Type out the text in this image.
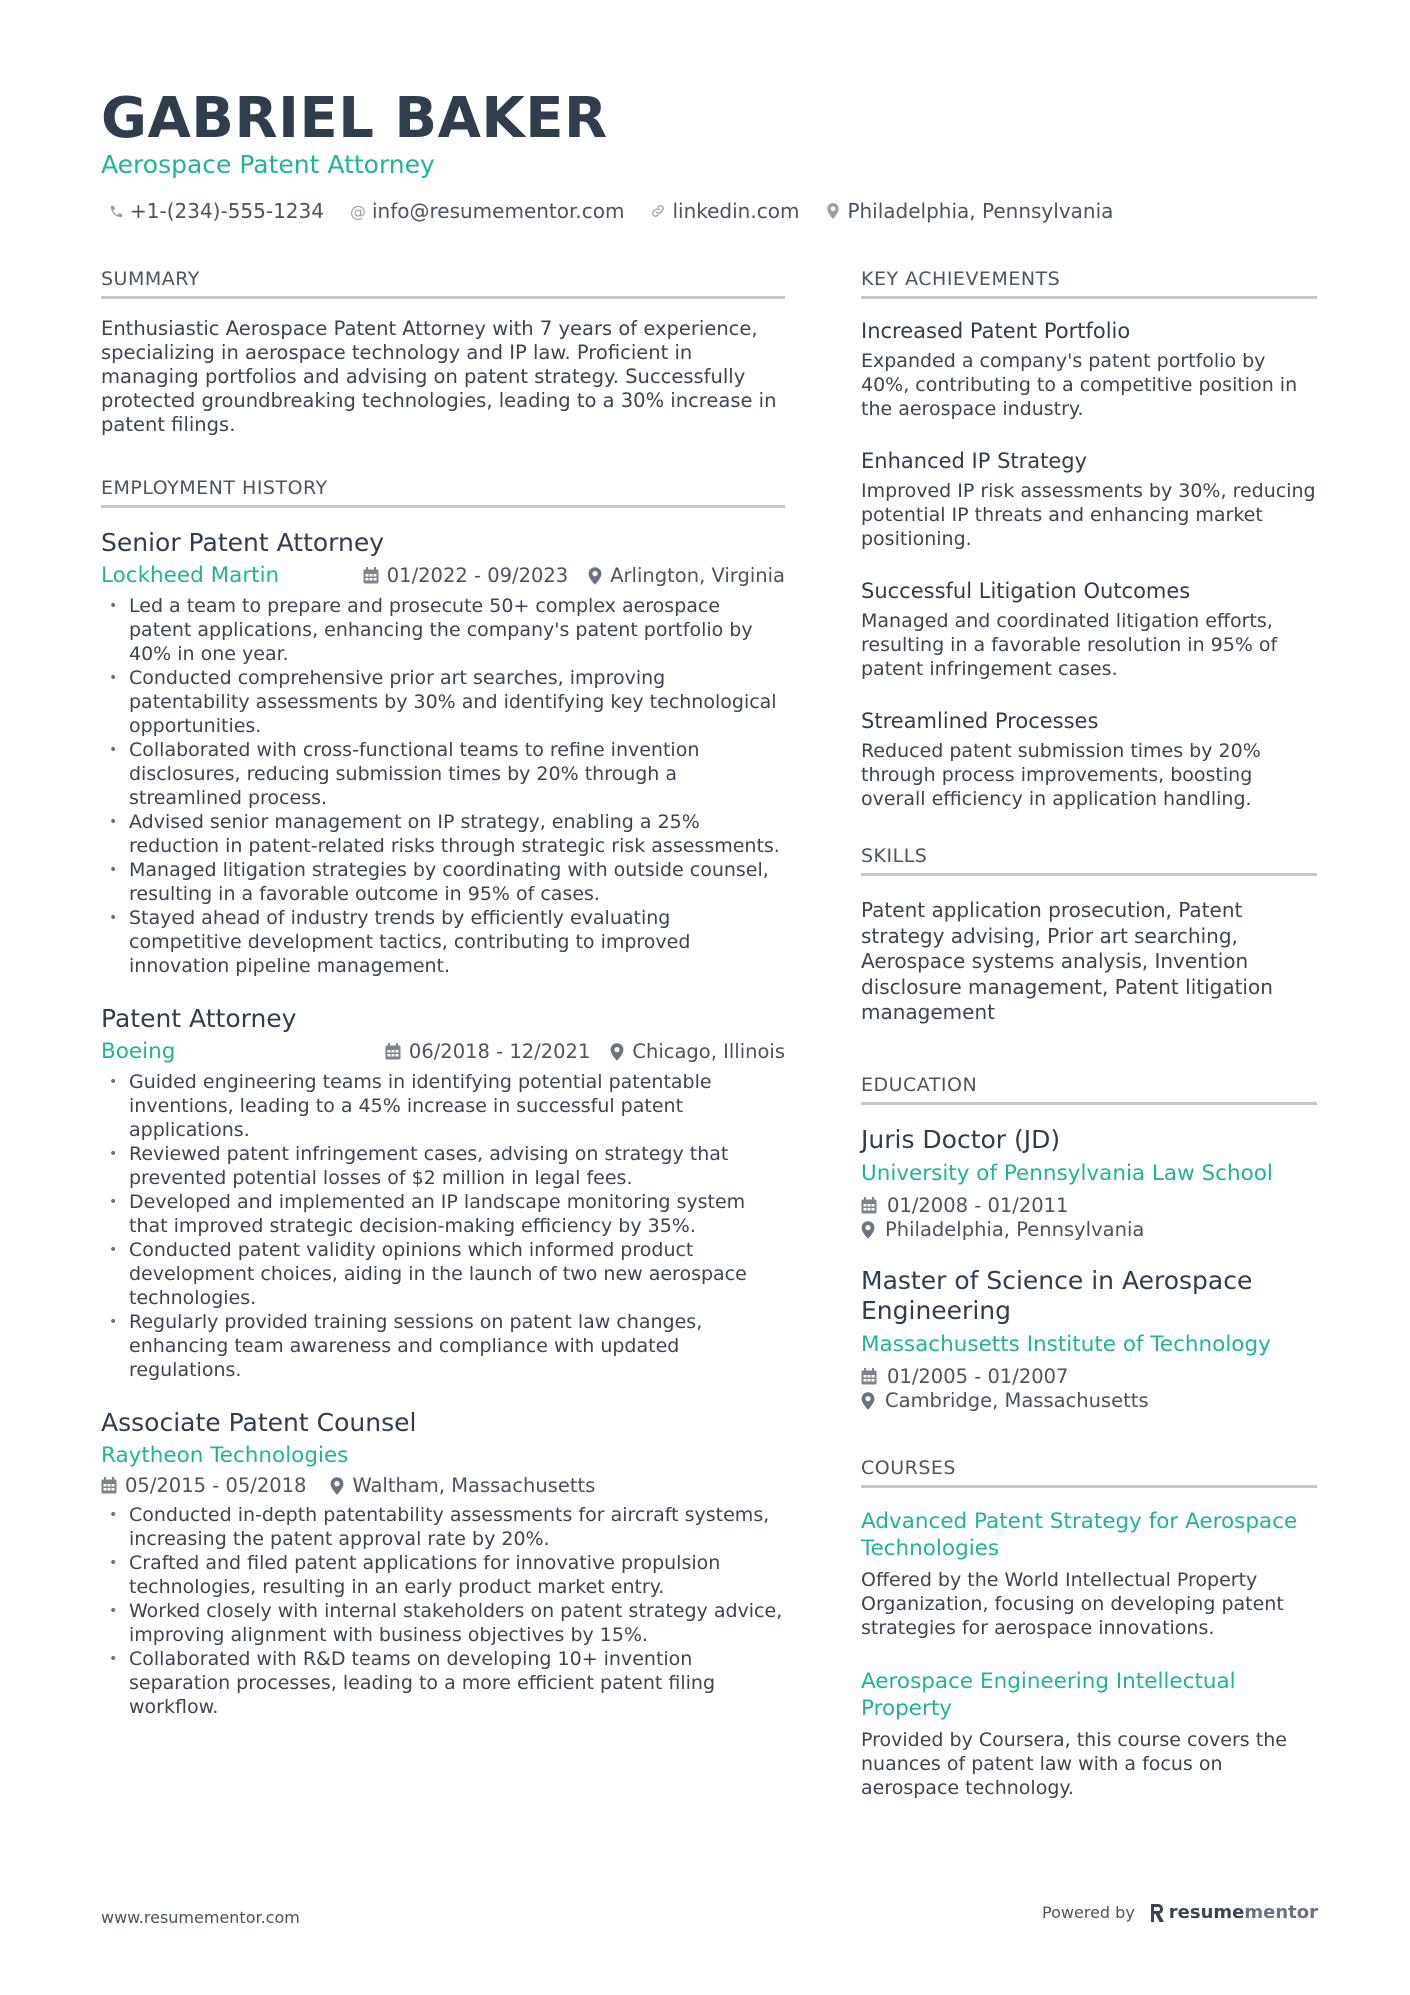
GABRIEL BAKER
Aerospace Patent Attorney
+1-(234)-555-1234 @ info@resumementor.com linkedin.com Philadelphia, Pennsylvania
SUMMARY
Enthusiastic Aerospace Patent Attorney with 7 years of experience, specializing in aerospace technology and IP law. Proficient in managing portfolios and advising on patent strategy. Successfully protected groundbreaking technologies, leading to a 30% increase in patent filings.
EMPLOYMENT HISTORY
Senior Patent Attorney
Lockheed Martin	01/2022 - 09/2023 Arlington, Virginia
• Led a team to prepare and prosecute 50+ complex aerospace patent applications, enhancing the company's patent portfolio by 40% in one year.
• Conducted comprehensive prior art searches, improving patentability assessments by 30% and identifying key technological opportunities.
• Collaborated with cross-functional teams to refine invention disclosures, reducing submission times by 20% through a streamlined process.
• Advised senior management on IP strategy, enabling a 25% reduction in patent-related risks through strategic risk assessments.
• Managed litigation strategies by coordinating with outside counsel, resulting in a favorable outcome in 95% of cases.
• Stayed ahead of industry trends by efficiently evaluating competitive development tactics, contributing to improved innovation pipeline management.
Patent Attorney
Boeing	06/2018 - 12/2021 Chicago, Illinois
• Guided engineering teams in identifying potential patentable inventions, leading to a 45% increase in successful patent applications.
• Reviewed patent infringement cases, advising on strategy that prevented potential losses of $2 million in legal fees.
• Developed and implemented an IP landscape monitoring system that improved strategic decision-making efficiency by 35%.
• Conducted patent validity opinions which informed product development choices, aiding in the launch of two new aerospace technologies.
• Regularly provided training sessions on patent law changes, enhancing team awareness and compliance with updated regulations.
Associate Patent Counsel
Raytheon Technologies
05/2015 - 05/2018 Waltham, Massachusetts
• Conducted in-depth patentability assessments for aircraft systems, increasing the patent approval rate by 20%.
• Crafted and filed patent applications for innovative propulsion technologies, resulting in an early product market entry.
• Worked closely with internal stakeholders on patent strategy advice, improving alignment with business objectives by 15%.
• Collaborated with R&D teams on developing 10+ invention separation processes, leading to a more efficient patent filing workflow.
KEY ACHIEVEMENTS
Increased Patent Portfolio
Expanded a company's patent portfolio by 40%, contributing to a competitive position in the aerospace industry.
Enhanced IP Strategy
Improved IP risk assessments by 30%, reducing potential IP threats and enhancing market positioning.
Successful Litigation Outcomes
Managed and coordinated litigation efforts, resulting in a favorable resolution in 95% of patent infringement cases.
Streamlined Processes
Reduced patent submission times by 20% through process improvements, boosting overall efficiency in application handling.
SKILLS
Patent application prosecution, Patent strategy advising, Prior art searching, Aerospace systems analysis, Invention disclosure management, Patent litigation management
EDUCATION
Juris Doctor (JD)
University of Pennsylvania Law School
01/2008 - 01/2011
Philadelphia, Pennsylvania
Master of Science in Aerospace Engineering
Massachusetts Institute of Technology
01/2005 - 01/2007
Cambridge, Massachusetts
COURSES
Advanced Patent Strategy for Aerospace Technologies
Offered by the World Intellectual Property Organization, focusing on developing patent strategies for aerospace innovations.
Aerospace Engineering Intellectual Property
Provided by Coursera, this course covers the nuances of patent law with a focus on aerospace technology.
www.resumementor.com	Powered by resume mentor
